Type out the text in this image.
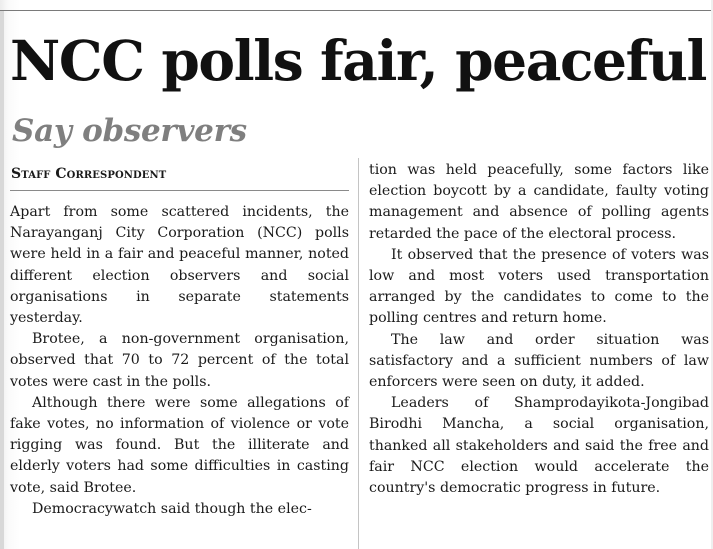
NCC polls fair, peaceful
Say observers
Staff Correspondent

Apart from some scattered incidents, the Narayanganj City Corporation (NCC) polls were held in a fair and peaceful manner, noted different election observers and social organisations in separate statements yesterday.

Brotee, a non-government organisation, observed that 70 to 72 percent of the total votes were cast in the polls.

Although there were some allegations of fake votes, no information of violence or vote rigging was found. But the illiterate and elderly voters had some difficulties in casting vote, said Brotee.

Democracywatch said though the elec-

tion was held peacefully, some factors like election boycott by a candidate, faulty voting management and absence of polling agents retarded the pace of the electoral process.

It observed that the presence of voters was low and most voters used transportation arranged by the candidates to come to the polling centres and return home.

The law and order situation was satisfactory and a sufficient numbers of law enforcers were seen on duty, it added.

Leaders of Shamprodayikota-Jongibad Birodhi Mancha, a social organisation, thanked all stakeholders and said the free and fair NCC election would accelerate the country's democratic progress in future.
